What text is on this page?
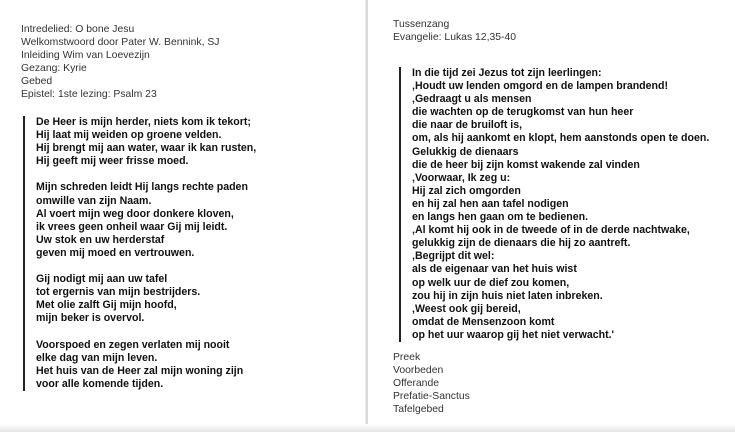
Intredelied: O bone Jesu
Welkomstwoord door Pater W. Bennink, SJ
Inleiding Wim van Loevezijn
Gezang: Kyrie
Gebed
Epistel: 1ste lezing: Psalm 23
De Heer is mijn herder, niets kom ik tekort;
Hij laat mij weiden op groene velden.
Hij brengt mij aan water, waar ik kan rusten,
Hij geeft mij weer frisse moed.
Mijn schreden leidt Hij langs rechte paden
omwille van zijn Naam.
Al voert mijn weg door donkere kloven,
ik vrees geen onheil waar Gij mij leidt.
Uw stok en uw herderstaf
geven mij moed en vertrouwen.
Gij nodigt mij aan uw tafel
tot ergernis van mijn bestrijders.
Met olie zalft Gij mijn hoofd,
mijn beker is overvol.
Voorspoed en zegen verlaten mij nooit
elke dag van mijn leven.
Het huis van de Heer zal mijn woning zijn
voor alle komende tijden.
Tussenzang
Evangelie: Lukas 12,35-40
In die tijd zei Jezus tot zijn leerlingen:
‚Houdt uw lenden omgord en de lampen brandend!
‚Gedraagt u als mensen
die wachten op de terugkomst van hun heer
die naar de bruiloft is,
om, als hij aankomt en klopt, hem aanstonds open te doen.
Gelukkig de dienaars
die de heer bij zijn komst wakende zal vinden
‚Voorwaar, Ik zeg u:
Hij zal zich omgorden
en hij zal hen aan tafel nodigen
en langs hen gaan om te bedienen.
‚Al komt hij ook in de tweede of in de derde nachtwake,
gelukkig zijn de dienaars die hij zo aantreft.
‚Begrijpt dit wel:
als de eigenaar van het huis wist
op welk uur de dief zou komen,
zou hij in zijn huis niet laten inbreken.
‚Weest ook gij bereid,
omdat de Mensenzoon komt
op het uur waarop gij het niet verwacht.'
Preek
Voorbeden
Offerande
Prefatie-Sanctus
Tafelgebed
